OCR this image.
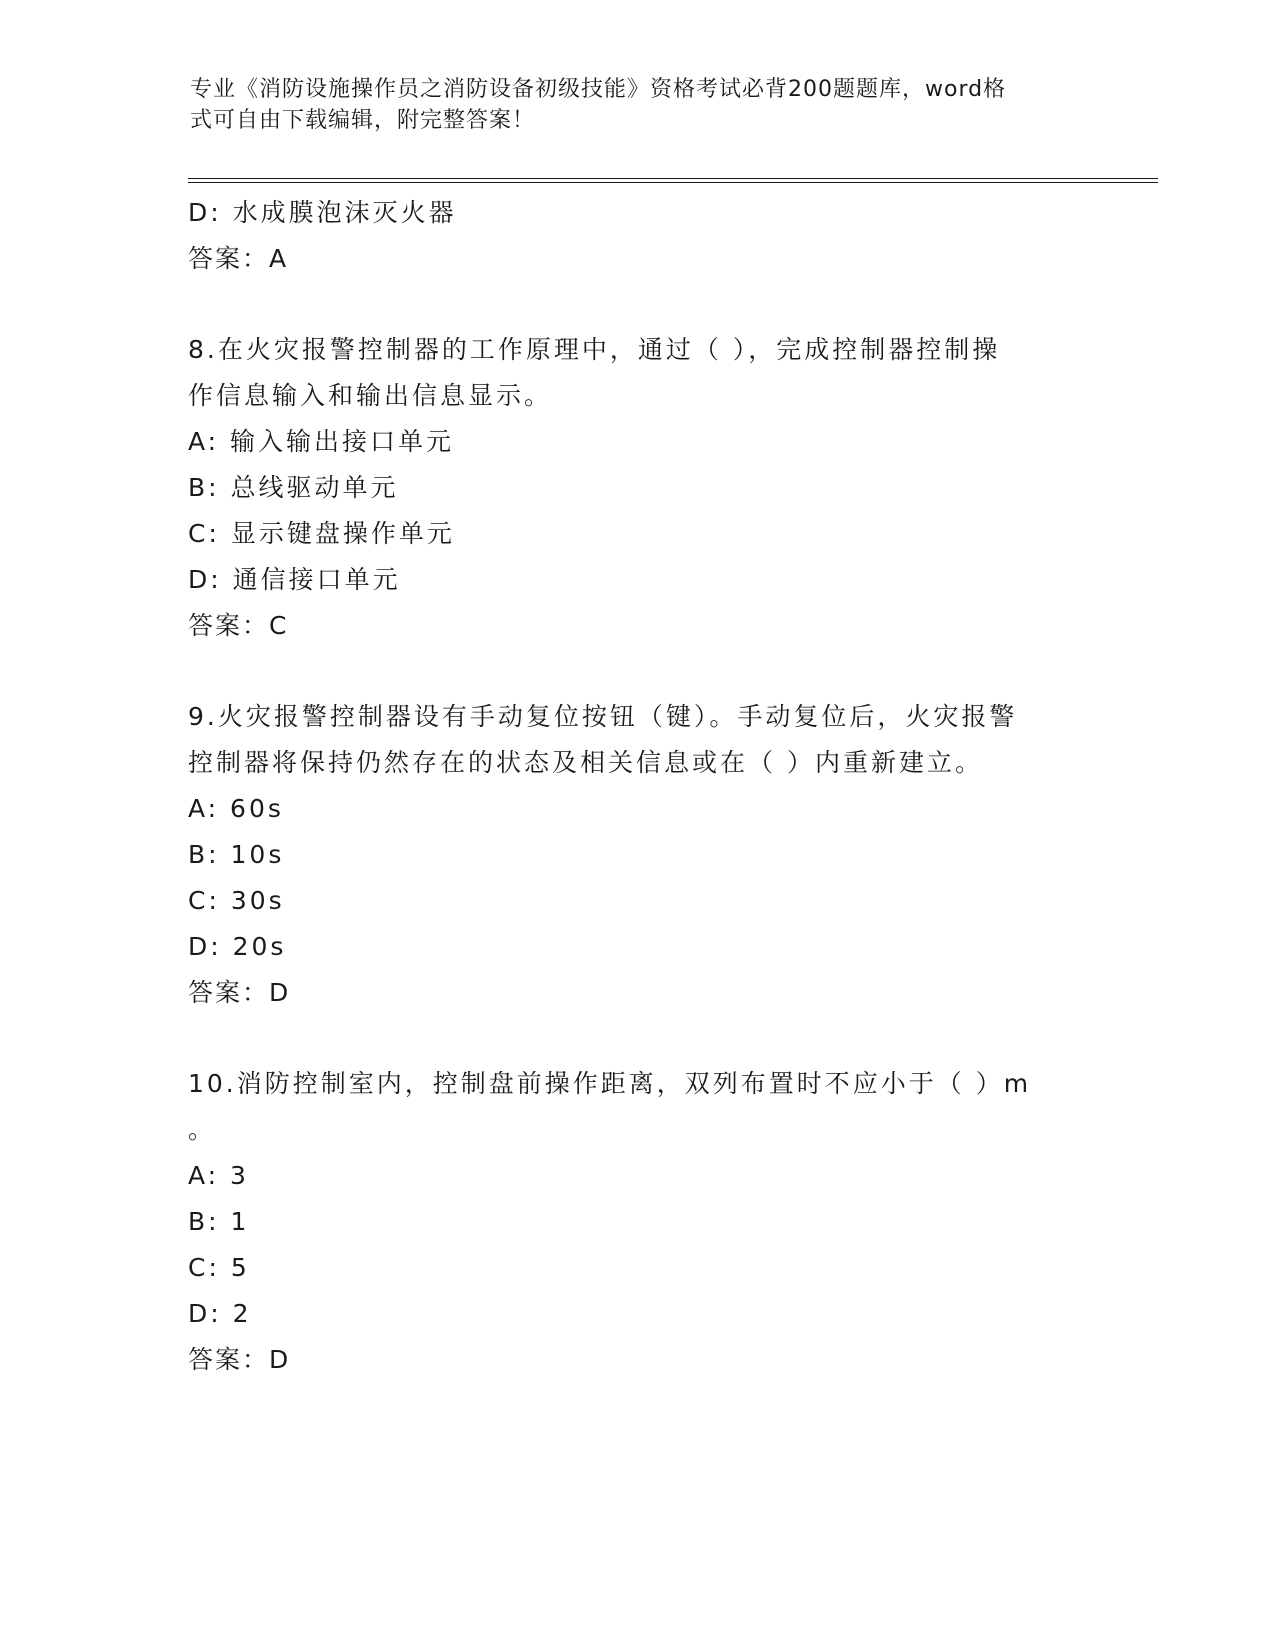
专业《消防设施操作员之消防设备初级技能》资格考试必背200题题库，word格
式可自由下载编辑，附完整答案！
D: 水成膜泡沫灭火器
答案：A
8.在火灾报警控制器的工作原理中，通过（ ），完成控制器控制操
作信息输入和输出信息显示。
A: 输入输出接口单元
B: 总线驱动单元
C: 显示键盘操作单元
D: 通信接口单元
答案：C
9.火灾报警控制器设有手动复位按钮（键）。手动复位后，火灾报警
控制器将保持仍然存在的状态及相关信息或在（ ）内重新建立。
A: 60s
B: 10s
C: 30s
D: 20s
答案：D
10.消防控制室内，控制盘前操作距离，双列布置时不应小于（ ）m
。
A: 3
B: 1
C: 5
D: 2
答案：D
